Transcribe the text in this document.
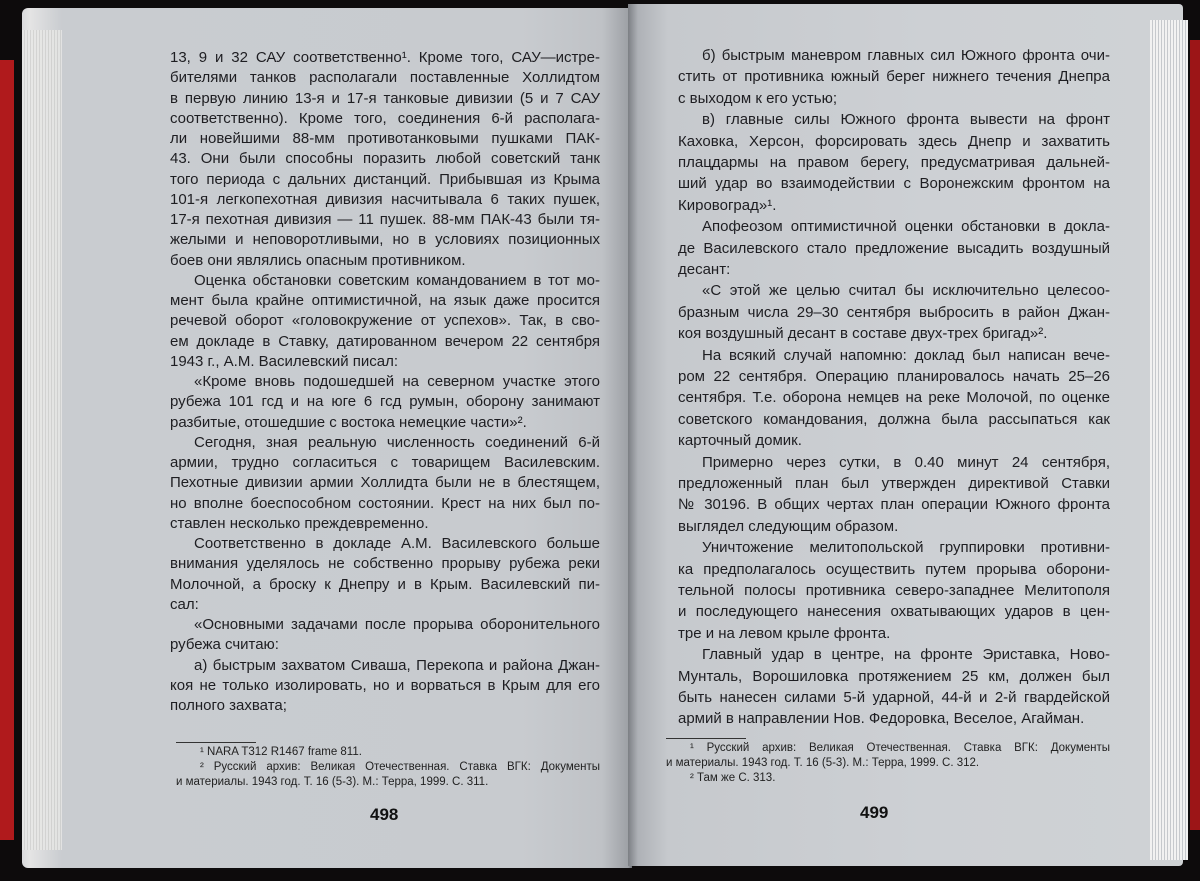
13, 9 и 32 САУ соответственно¹. Кроме того, САУ—истре-
бителями танков располагали поставленные Холлидтом
в первую линию 13-я и 17-я танковые дивизии (5 и 7 САУ
соответственно). Кроме того, соединения 6-й располага-
ли новейшими 88-мм противотанковыми пушками ПАК-
43. Они были способны поразить любой советский танк
того периода с дальних дистанций. Прибывшая из Крыма
101-я легкопехотная дивизия насчитывала 6 таких пушек,
17-я пехотная дивизия — 11 пушек. 88-мм ПАК-43 были тя-
желыми и неповоротливыми, но в условиях позиционных
боев они являлись опасным противником.
Оценка обстановки советским командованием в тот мо-
мент была крайне оптимистичной, на язык даже просится
речевой оборот «головокружение от успехов». Так, в сво-
ем докладе в Ставку, датированном вечером 22 сентября
1943 г., А.М. Василевский писал:
«Кроме вновь подошедшей на северном участке этого
рубежа 101 гсд и на юге 6 гсд румын, оборону занимают
разбитые, отошедшие с востока немецкие части»².
Сегодня, зная реальную численность соединений 6-й
армии, трудно согласиться с товарищем Василевским.
Пехотные дивизии армии Холлидта были не в блестящем,
но вполне боеспособном состоянии. Крест на них был по-
ставлен несколько преждевременно.
Соответственно в докладе А.М. Василевского больше
внимания уделялось не собственно прорыву рубежа реки
Молочной, а броску к Днепру и в Крым. Василевский пи-
сал:
«Основными задачами после прорыва оборонительного
рубежа считаю:
а) быстрым захватом Сиваша, Перекопа и района Джан-
коя не только изолировать, но и ворваться в Крым для его
полного захвата;
¹ NARA T312 R1467 frame 811.
² Русский архив: Великая Отечественная. Ставка ВГК: Документы
и материалы. 1943 год. Т. 16 (5-3). М.: Терра, 1999. С. 311.
498
б) быстрым маневром главных сил Южного фронта очи-
стить от противника южный берег нижнего течения Днепра
с выходом к его устью;
в) главные силы Южного фронта вывести на фронт
Каховка, Херсон, форсировать здесь Днепр и захватить
плацдармы на правом берегу, предусматривая дальней-
ший удар во взаимодействии с Воронежским фронтом на
Кировоград»¹.
Апофеозом оптимистичной оценки обстановки в докла-
де Василевского стало предложение высадить воздушный
десант:
«С этой же целью считал бы исключительно целесоо-
бразным числа 29–30 сентября выбросить в район Джан-
коя воздушный десант в составе двух-трех бригад»².
На всякий случай напомню: доклад был написан вече-
ром 22 сентября. Операцию планировалось начать 25–26
сентября. Т.е. оборона немцев на реке Молочой, по оценке
советского командования, должна была рассыпаться как
карточный домик.
Примерно через сутки, в 0.40 минут 24 сентября,
предложенный план был утвержден директивой Ставки
№ 30196. В общих чертах план операции Южного фронта
выглядел следующим образом.
Уничтожение мелитопольской группировки противни-
ка предполагалось осуществить путем прорыва оборони-
тельной полосы противника северо-западнее Мелитополя
и последующего нанесения охватывающих ударов в цен-
тре и на левом крыле фронта.
Главный удар в центре, на фронте Эриставка, Ново-
Мунталь, Ворошиловка протяжением 25 км, должен был
быть нанесен силами 5-й ударной, 44-й и 2-й гвардейской
армий в направлении Нов. Федоровка, Веселое, Агайман.
¹ Русский архив: Великая Отечественная. Ставка ВГК: Документы
и материалы. 1943 год. Т. 16 (5-3). М.: Терра, 1999. С. 312.
² Там же С. 313.
499
